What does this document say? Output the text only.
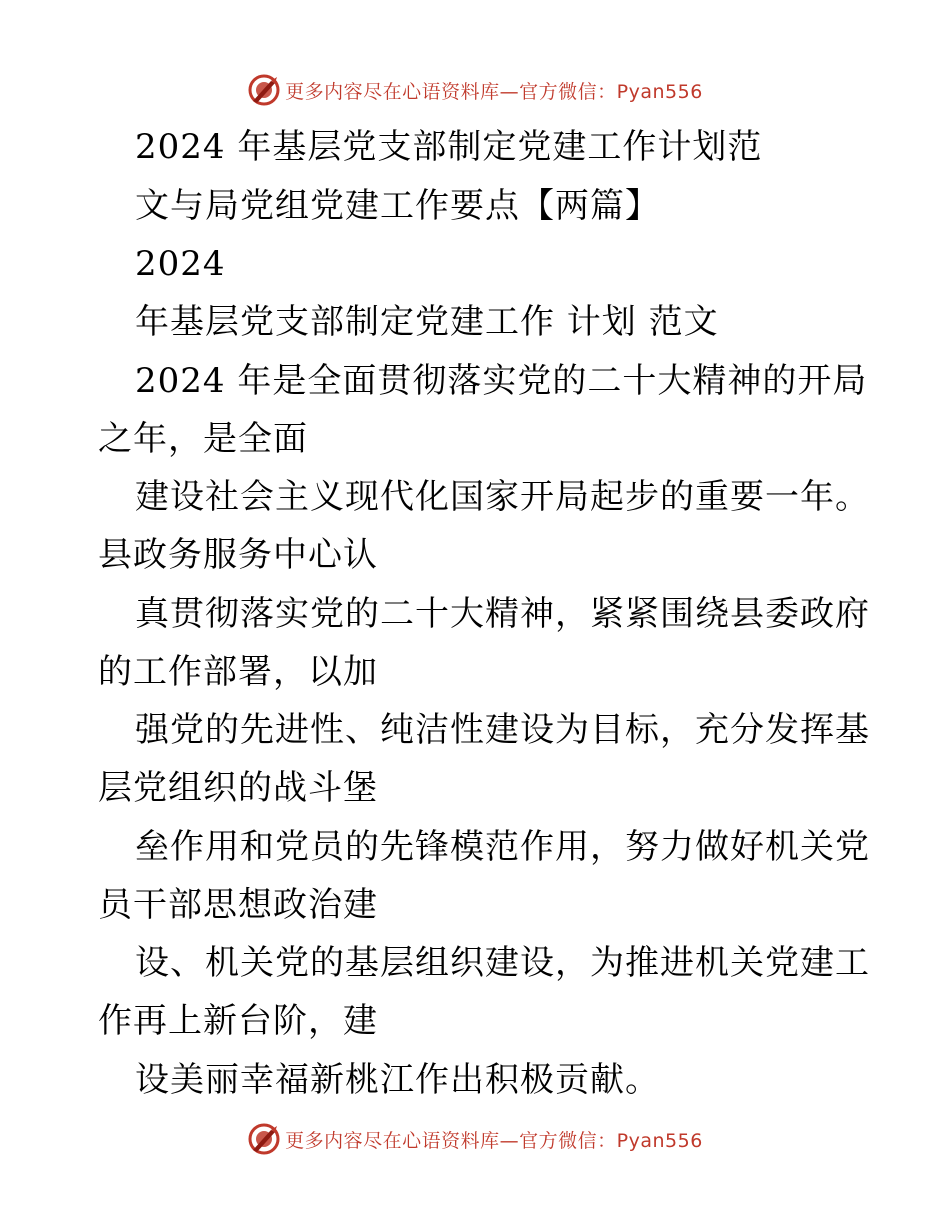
更多内容尽在心语资料库—官方微信：Pyan556
2024 年基层党支部制定党建工作计划范
文与局党组党建工作要点【两篇】
2024
年基层党支部制定党建工作 计划 范文
2024 年是全面贯彻落实党的二十大精神的开局
之年，是全面
建设社会主义现代化国家开局起步的重要一年。
县政务服务中心认
真贯彻落实党的二十大精神，紧紧围绕县委政府
的工作部署，以加
强党的先进性、纯洁性建设为目标，充分发挥基
层党组织的战斗堡
垒作用和党员的先锋模范作用，努力做好机关党
员干部思想政治建
设、机关党的基层组织建设，为推进机关党建工
作再上新台阶，建
设美丽幸福新桃江作出积极贡献。
更多内容尽在心语资料库—官方微信：Pyan556
